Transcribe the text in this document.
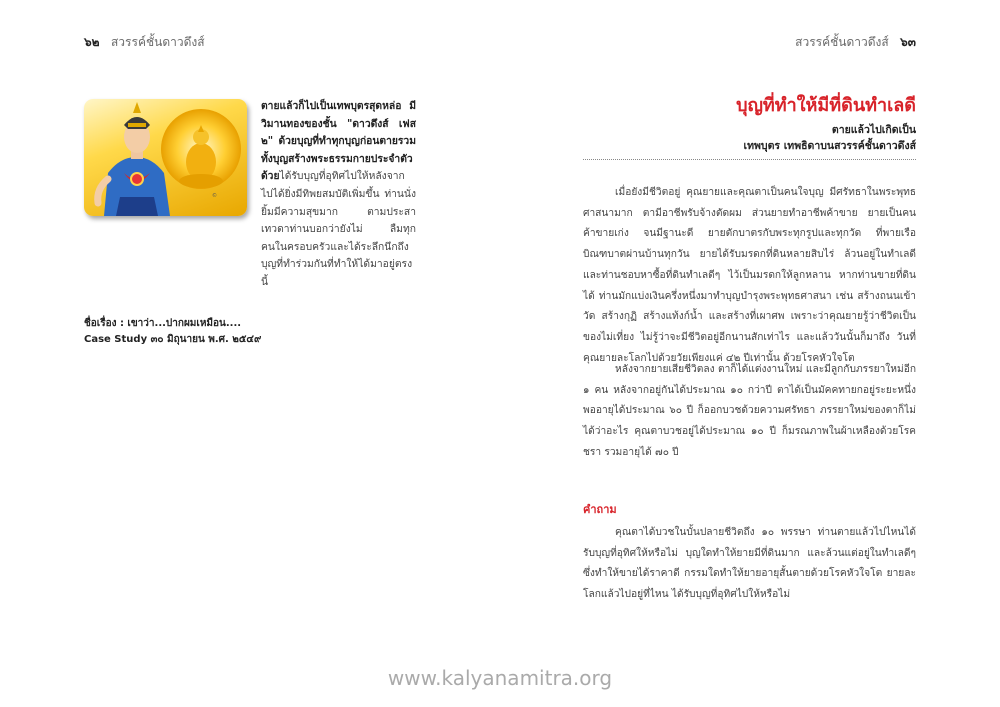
๖๒ สวรรค์ชั้นดาวดึงส์	สวรรค์ชั้นดาวดึงส์ ๖๓
©

ตายแล้วก็ไปเป็นเทพบุตรสุดหล่อ มีวิมานทองของชั้น "ดาวดึงส์ เฟส ๒" ด้วยบุญที่ทำทุกบุญก่อนตายรวมทั้งบุญสร้างพระธรรมกายประจำตัวด้วยได้รับบุญที่อุทิศไปให้หลังจากไปได้ยิ่งมีทิพยสมบัติเพิ่มขึ้น ท่านนั่งยิ้มมีความสุขมาก ตามประสาเทวดาท่านบอกว่ายังไม่ ลืมทุกคนในครอบครัวและได้ระลึกนึกถึงบุญที่ทำร่วมกันที่ทำให้ได้มาอยู่ตรงนี้

ชื่อเรื่อง : เขาว่า...ปากผมเหมือน....
Case Study ๓๐ มิถุนายน พ.ศ. ๒๕๔๙
บุญที่ทำให้มีที่ดินทำเลดี
ตายแล้วไปเกิดเป็น
เทพบุตร เทพธิดาบนสวรรค์ชั้นดาวดึงส์

เมื่อยังมีชีวิตอยู่ คุณยายและคุณตาเป็นคนใจบุญ มีศรัทธาในพระพุทธศาสนามาก ตามีอาชีพรับจ้างตัดผม ส่วนยายทำอาชีพค้าขาย ยายเป็นคนค้าขายเก่ง จนมีฐานะดี ยายตักบาตรกับพระทุกรูปและทุกวัด ที่พายเรือบิณฑบาตผ่านบ้านทุกวัน ยายได้รับมรดกที่ดินหลายสิบไร่ ล้วนอยู่ในทำเลดี และท่านชอบหาซื้อที่ดินทำเลดีๆ ไว้เป็นมรดกให้ลูกหลาน หากท่านขายที่ดินได้ ท่านมักแบ่งเงินครึ่งหนึ่งมาทำบุญบำรุงพระพุทธศาสนา เช่น สร้างถนนเข้าวัด สร้างกุฏิ สร้างแท้งก์น้ำ และสร้างที่เผาศพ เพราะว่าคุณยายรู้ว่าชีวิตเป็นของไม่เที่ยง ไม่รู้ว่าจะมีชีวิตอยู่อีกนานสักเท่าไร และแล้ววันนั้นก็มาถึง วันที่คุณยายละโลกไปด้วยวัยเพียงแค่ ๔๒ ปีเท่านั้น ด้วยโรคหัวใจโต

หลังจากยายเสียชีวิตลง ตาก็ได้แต่งงานใหม่ และมีลูกกับภรรยาใหม่อีก ๑ คน หลังจากอยู่กันได้ประมาณ ๑๐ กว่าปี ตาได้เป็นมัคคทายกอยู่ระยะหนึ่ง พออายุได้ประมาณ ๖๐ ปี ก็ออกบวชด้วยความศรัทธา ภรรยาใหม่ของตาก็ไม่ได้ว่าอะไร คุณตาบวชอยู่ได้ประมาณ ๑๐ ปี ก็มรณภาพในผ้าเหลืองด้วยโรคชรา รวมอายุได้ ๗๐ ปี

คำถาม

คุณตาได้บวชในบั้นปลายชีวิตถึง ๑๐ พรรษา ท่านตายแล้วไปไหนได้รับบุญที่อุทิศให้หรือไม่ บุญใดทำให้ยายมีที่ดินมาก และล้วนแต่อยู่ในทำเลดีๆ ซึ่งทำให้ขายได้ราคาดี กรรมใดทำให้ยายอายุสั้นตายด้วยโรคหัวใจโต ยายละโลกแล้วไปอยู่ที่ไหน ได้รับบุญที่อุทิศไปให้หรือไม่

www.kalyanamitra.org
